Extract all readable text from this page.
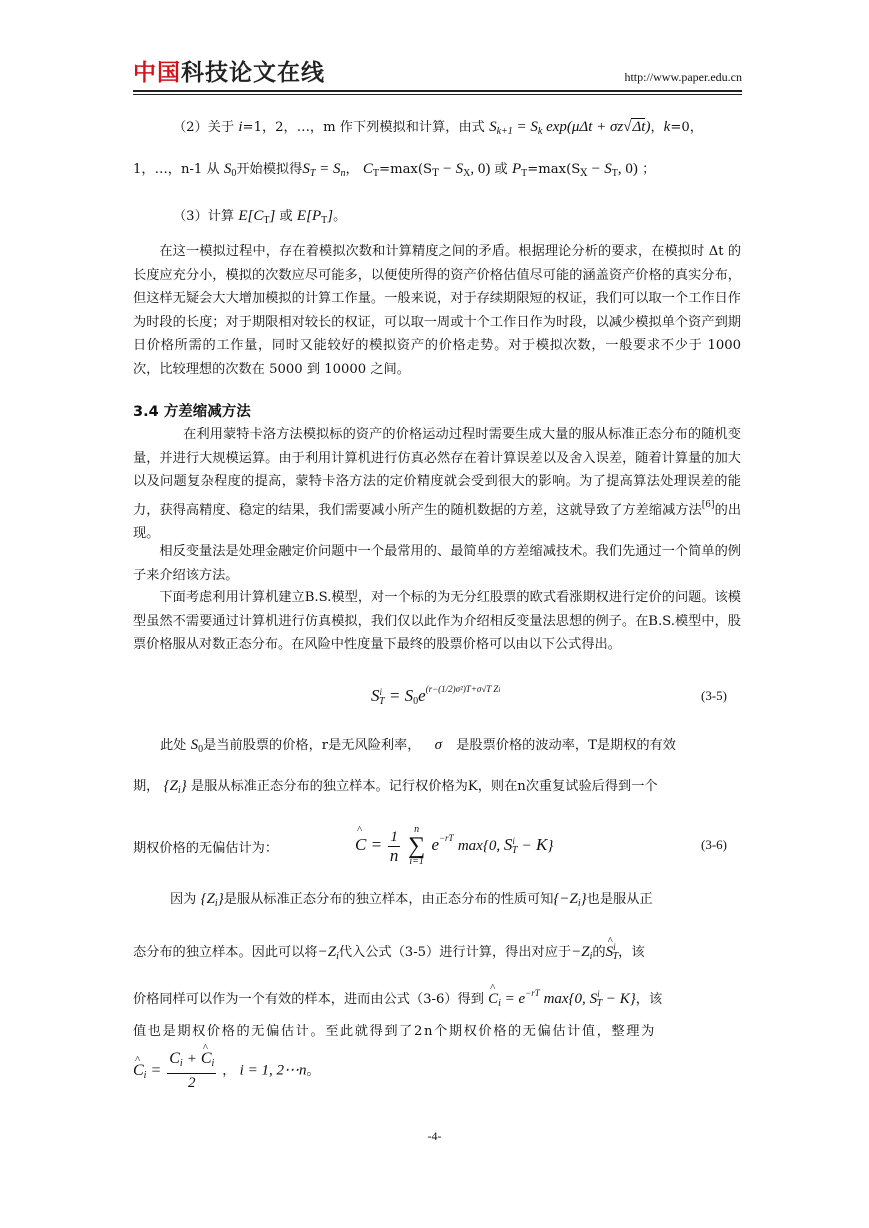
中国科技论文在线	http://www.paper.edu.cn
（2）关于 i=1，2，…，m 作下列模拟和计算，由式 $S_{k+1} = S_k$ exp(μΔt + σz√Δt)，k=0，
1，…，n-1 从 $S_0$开始模拟得$S_T = S_n$， $C_T=\max(S_T - S_X$, 0) 或 $P_T=\max(S_X - S_T$, 0) ；
（3）计算 $E[C_T]$ 或 $E[P_T]$。

在这一模拟过程中，存在着模拟次数和计算精度之间的矛盾。根据理论分析的要求，在模拟时 Δt 的长度应充分小，模拟的次数应尽可能多，以便使所得的资产价格估值尽可能的涵盖资产价格的真实分布，但这样无疑会大大增加模拟的计算工作量。一般来说，对于存续期限短的权证，我们可以取一个工作日作为时段的长度；对于期限相对较长的权证，可以取一周或十个工作日作为时段，以减少模拟单个资产到期日价格所需的工作量，同时又能较好的模拟资产的价格走势。对于模拟次数，一般要求不少于 1000 次，比较理想的次数在 5000 到 10000 之间。

3.4 方差缩减方法

在利用蒙特卡洛方法模拟标的资产的价格运动过程时需要生成大量的服从标准正态分布的随机变量，并进行大规模运算。由于利用计算机进行仿真必然存在着计算误差以及舍入误差，随着计算量的加大以及问题复杂程度的提高，蒙特卡洛方法的定价精度就会受到很大的影响。为了提高算法处理误差的能力，获得高精度、稳定的结果，我们需要减小所产生的随机数据的方差，这就导致了方差缩减方法[6]的出现。

相反变量法是处理金融定价问题中一个最常用的、最简单的方差缩减技术。我们先通过一个简单的例子来介绍该方法。

下面考虑利用计算机建立B.S.模型，对一个标的为无分红股票的欧式看涨期权进行定价的问题。该模型虽然不需要通过计算机进行仿真模拟，我们仅以此作为介绍相反变量法思想的例子。在B.S.模型中，股票价格服从对数正态分布。在风险中性度量下最终的股票价格可以由以下公式得出。

$S^i_T = S0e^{(r-(1/2)\sigma^2)T+\sigma√T Zi}$	(3-5)
此处 $S_0$是当前股票的价格，r是无风险利率， σ 是股票价格的波动率，T是期权的有效
期， $\{Z_i\}$ 是服从标准正态分布的独立样本。记行权价格为K，则在n次重复试验后得到一个
期权价格的无偏估计为：	^ $C = \frac{1}{n}$ n
∑
i=1 $e^{-rT}$ max{0, $S^i_T - K$}	(3-6)
因为 $\{Z_i\}$是服从标准正态分布的独立样本，由正态分布的性质可知$\{-Z_i\}$也是服从正
态分布的独立样本。因此可以将$-Z_i$代入公式（3-5）进行计算，得出对应于$-Z_i$的^ $S^i_T$，该
价格同样可以作为一个有效的样本，进而由公式（3-6）得到 ^ $C_i = e^{-rT}$ max{0, $S^i_T - K$}，该
值也是期权价格的无偏估计。至此就得到了2n个期权价格的无偏估计值，整理为
^ $C_i = \frac{C_i + \^{} C_i}{2}$ ， i = 1, 2⋯n。
-4-
